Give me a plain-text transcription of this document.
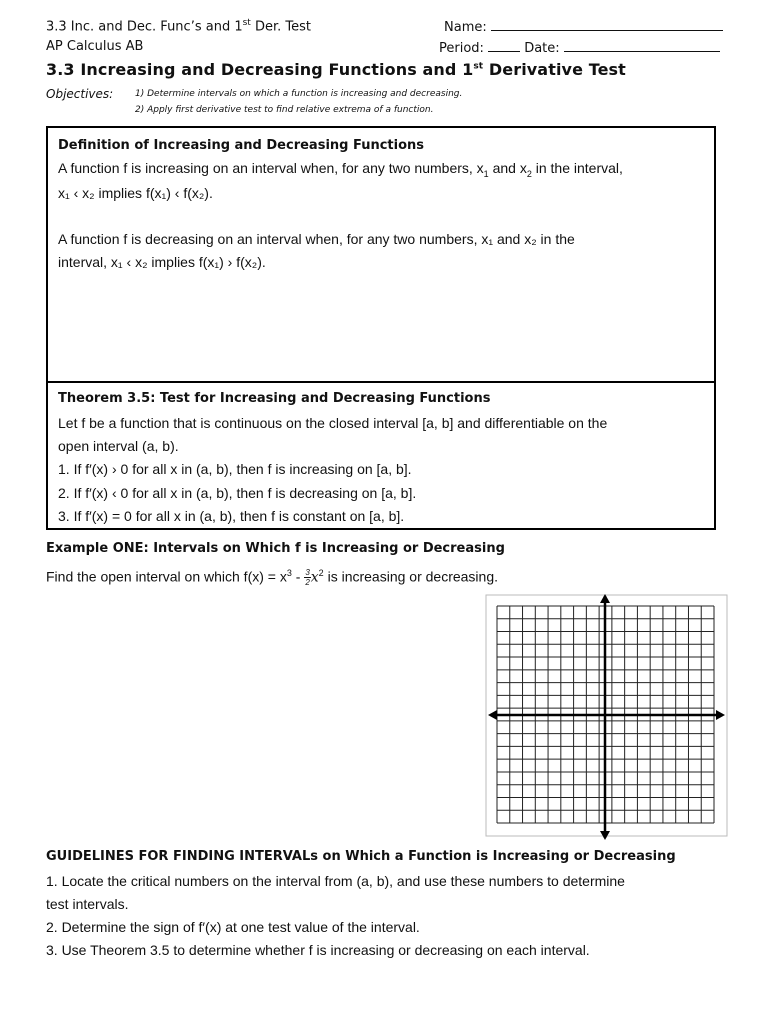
3.3 Inc. and Dec. Func’s and 1st Der. Test
AP Calculus AB
Name:
Period:	Date:
3.3 Increasing and Decreasing Functions and 1st Derivative Test
Objectives: 1) Determine intervals on which a function is increasing and decreasing.
2) Apply first derivative test to find relative extrema of a function.
Definition of Increasing and Decreasing Functions
A function f is increasing on an interval when, for any two numbers, $x_1$ and $x_2$ in the interval,
x₁ ‹ x₂ implies f(x₁) ‹ f(x₂).
A function f is decreasing on an interval when, for any two numbers, x₁ and x₂ in the
interval, x₁ ‹ x₂ implies f(x₁) › f(x₂).
Theorem 3.5: Test for Increasing and Decreasing Functions
Let f be a function that is continuous on the closed interval [a, b] and differentiable on the
open interval (a, b).
1. If f′(x) › 0 for all x in (a, b), then f is increasing on [a, b].
2. If f′(x) ‹ 0 for all x in (a, b), then f is decreasing on [a, b].
3. If f′(x) = 0 for all x in (a, b), then f is constant on [a, b].
Example ONE: Intervals on Which f is Increasing or Decreasing
Find the open interval on which $f(x) = x^3 - \frac{3}{2} x^2$ is increasing or decreasing.
GUIDELINES FOR FINDING INTERVALs on Which a Function is Increasing or Decreasing
1. Locate the critical numbers on the interval from (a, b), and use these numbers to determine
test intervals.
2. Determine the sign of f′(x) at one test value of the interval.
3. Use Theorem 3.5 to determine whether f is increasing or decreasing on each interval.
